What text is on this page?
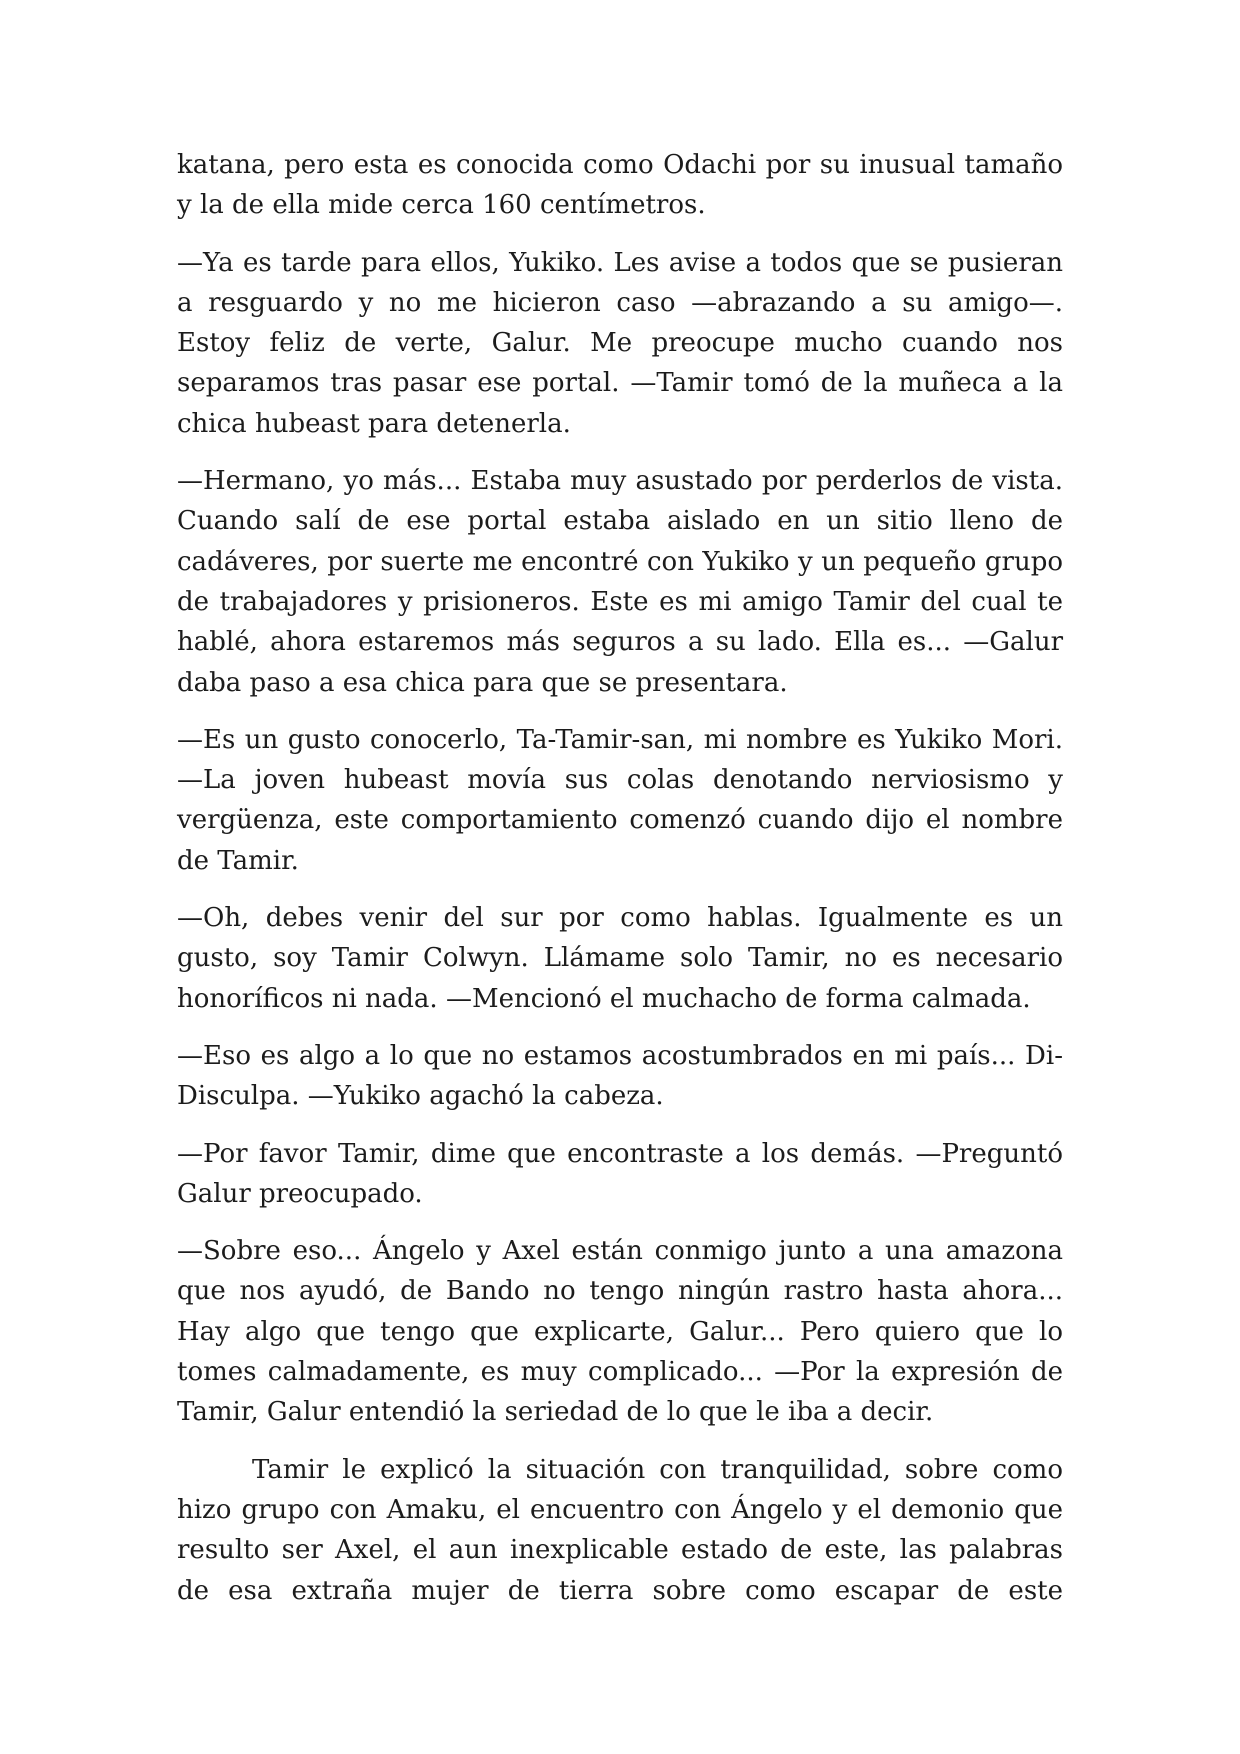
katana, pero esta es conocida como Odachi por su inusual tamaño y la de ella mide cerca 160 centímetros.

—Ya es tarde para ellos, Yukiko. Les avise a todos que se pusieran a resguardo y no me hicieron caso —abrazando a su amigo—. Estoy feliz de verte, Galur. Me preocupe mucho cuando nos separamos tras pasar ese portal. —Tamir tomó de la muñeca a la chica hubeast para detenerla.

—Hermano, yo más... Estaba muy asustado por perderlos de vista. Cuando salí de ese portal estaba aislado en un sitio lleno de cadáveres, por suerte me encontré con Yukiko y un pequeño grupo de trabajadores y prisioneros. Este es mi amigo Tamir del cual te hablé, ahora estaremos más seguros a su lado. Ella es... —Galur daba paso a esa chica para que se presentara.

—Es un gusto conocerlo, Ta-Tamir-san, mi nombre es Yukiko Mori. —La joven hubeast movía sus colas denotando nerviosismo y vergüenza, este comportamiento comenzó cuando dijo el nombre de Tamir.

—Oh, debes venir del sur por como hablas. Igualmente es un gusto, soy Tamir Colwyn. Llámame solo Tamir, no es necesario honoríficos ni nada. —Mencionó el muchacho de forma calmada.

—Eso es algo a lo que no estamos acostumbrados en mi país... Di-Disculpa. —Yukiko agachó la cabeza.

—Por favor Tamir, dime que encontraste a los demás. —Preguntó Galur preocupado.

—Sobre eso... Ángelo y Axel están conmigo junto a una amazona que nos ayudó, de Bando no tengo ningún rastro hasta ahora... Hay algo que tengo que explicarte, Galur... Pero quiero que lo tomes calmadamente, es muy complicado... —Por la expresión de Tamir, Galur entendió la seriedad de lo que le iba a decir.

Tamir le explicó la situación con tranquilidad, sobre como hizo grupo con Amaku, el encuentro con Ángelo y el demonio que resulto ser Axel, el aun inexplicable estado de este, las palabras de esa extraña mujer de tierra sobre como escapar de este
